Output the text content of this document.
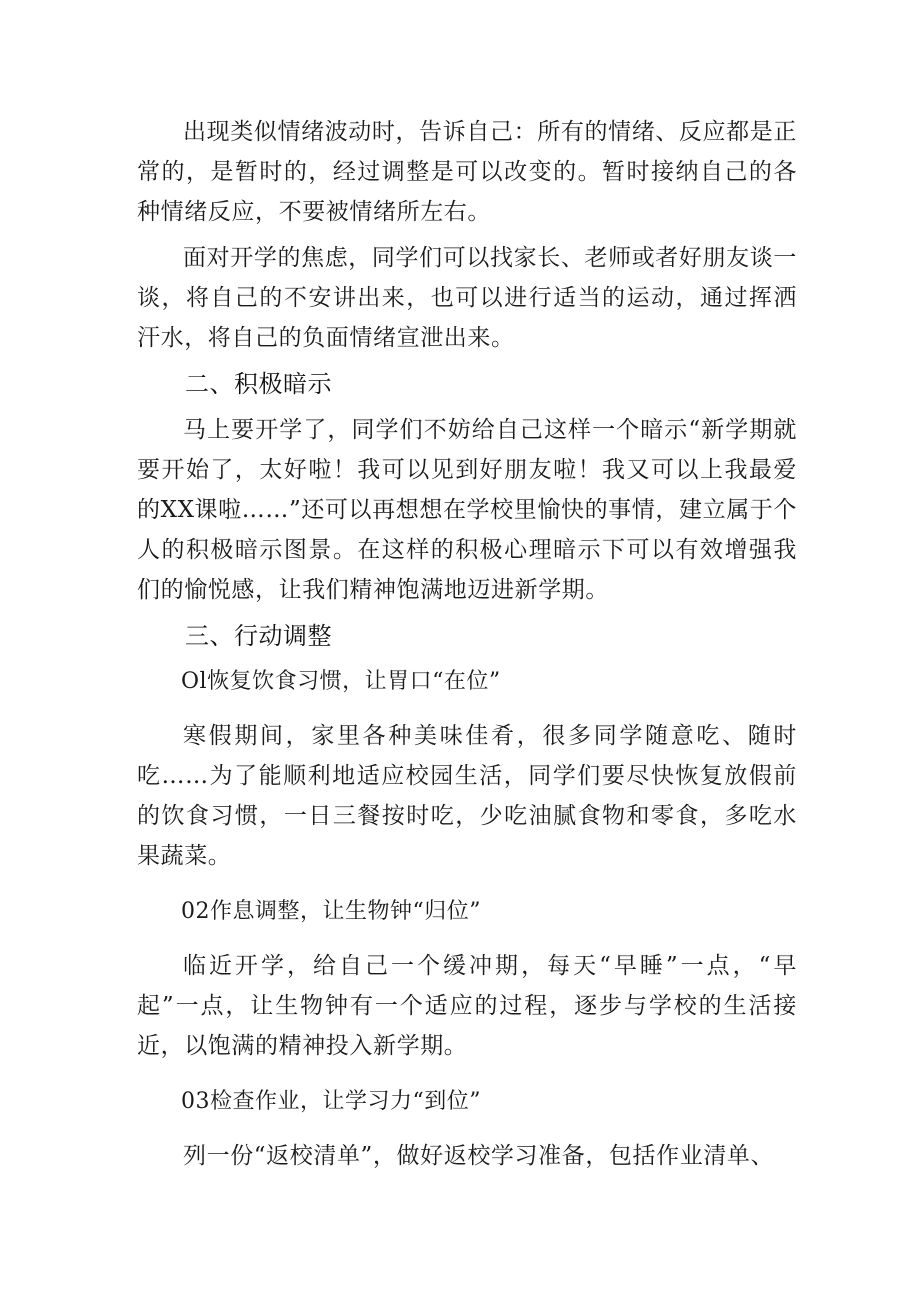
出现类似情绪波动时，告诉自己：所有的情绪、反应都是正常的，是暂时的，经过调整是可以改变的。暂时接纳自己的各种情绪反应，不要被情绪所左右。

面对开学的焦虑，同学们可以找家长、老师或者好朋友谈一谈，将自己的不安讲出来，也可以进行适当的运动，通过挥洒汗水，将自己的负面情绪宣泄出来。

二、积极暗示

马上要开学了，同学们不妨给自己这样一个暗示“新学期就要开始了，太好啦！我可以见到好朋友啦！我又可以上我最爱的XX课啦……”还可以再想想在学校里愉快的事情，建立属于个人的积极暗示图景。在这样的积极心理暗示下可以有效增强我们的愉悦感，让我们精神饱满地迈进新学期。

三、行动调整

Ol恢复饮食习惯，让胃口“在位”

寒假期间，家里各种美味佳肴，很多同学随意吃、随时吃……为了能顺利地适应校园生活，同学们要尽快恢复放假前的饮食习惯，一日三餐按时吃，少吃油腻食物和零食，多吃水果蔬菜。

02作息调整，让生物钟“归位”

临近开学，给自己一个缓冲期，每天“早睡”一点，“早起”一点，让生物钟有一个适应的过程，逐步与学校的生活接近，以饱满的精神投入新学期。

03检查作业，让学习力“到位”

列一份“返校清单”，做好返校学习准备，包括作业清单、
